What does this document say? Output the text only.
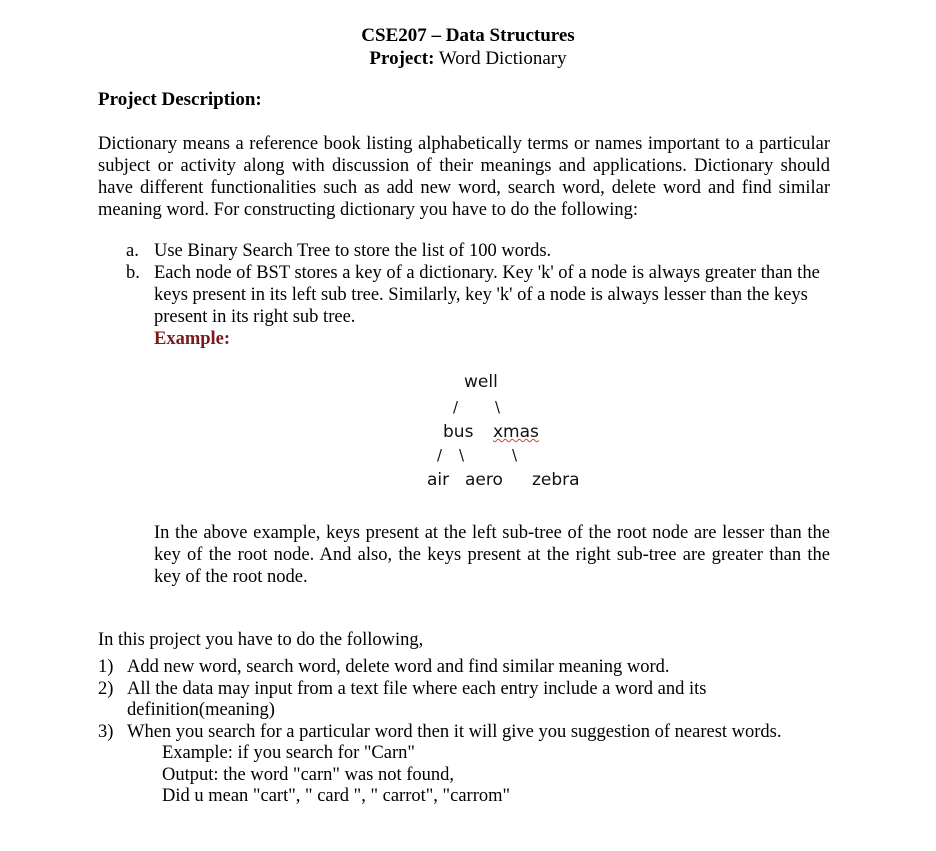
CSE207 – Data Structures
Project: Word Dictionary
Project Description:
Dictionary means a reference book listing alphabetically terms or names important to a particular
subject or activity along with discussion of their meanings and applications. Dictionary should
have different functionalities such as add new word, search word, delete word and find similar
meaning word. For constructing dictionary you have to do the following:
a. Use Binary Search Tree to store the list of 100 words.
b. Each node of BST stores a key of a dictionary. Key 'k' of a node is always greater than the
keys present in its left sub tree. Similarly, key 'k' of a node is always lesser than the keys
present in its right sub tree.
Example:
well
/ \
bus xmas
/ \	\
air aero zebra
In the above example, keys present at the left sub-tree of the root node are lesser than the
key of the root node. And also, the keys present at the right sub-tree are greater than the
key of the root node.
In this project you have to do the following,
1) Add new word, search word, delete word and find similar meaning word.
2) All the data may input from a text file where each entry include a word and its
definition(meaning)
3) When you search for a particular word then it will give you suggestion of nearest words.
Example: if you search for "Carn"
Output: the word "carn" was not found,
Did u mean "cart", " card ", " carrot", "carrom"
